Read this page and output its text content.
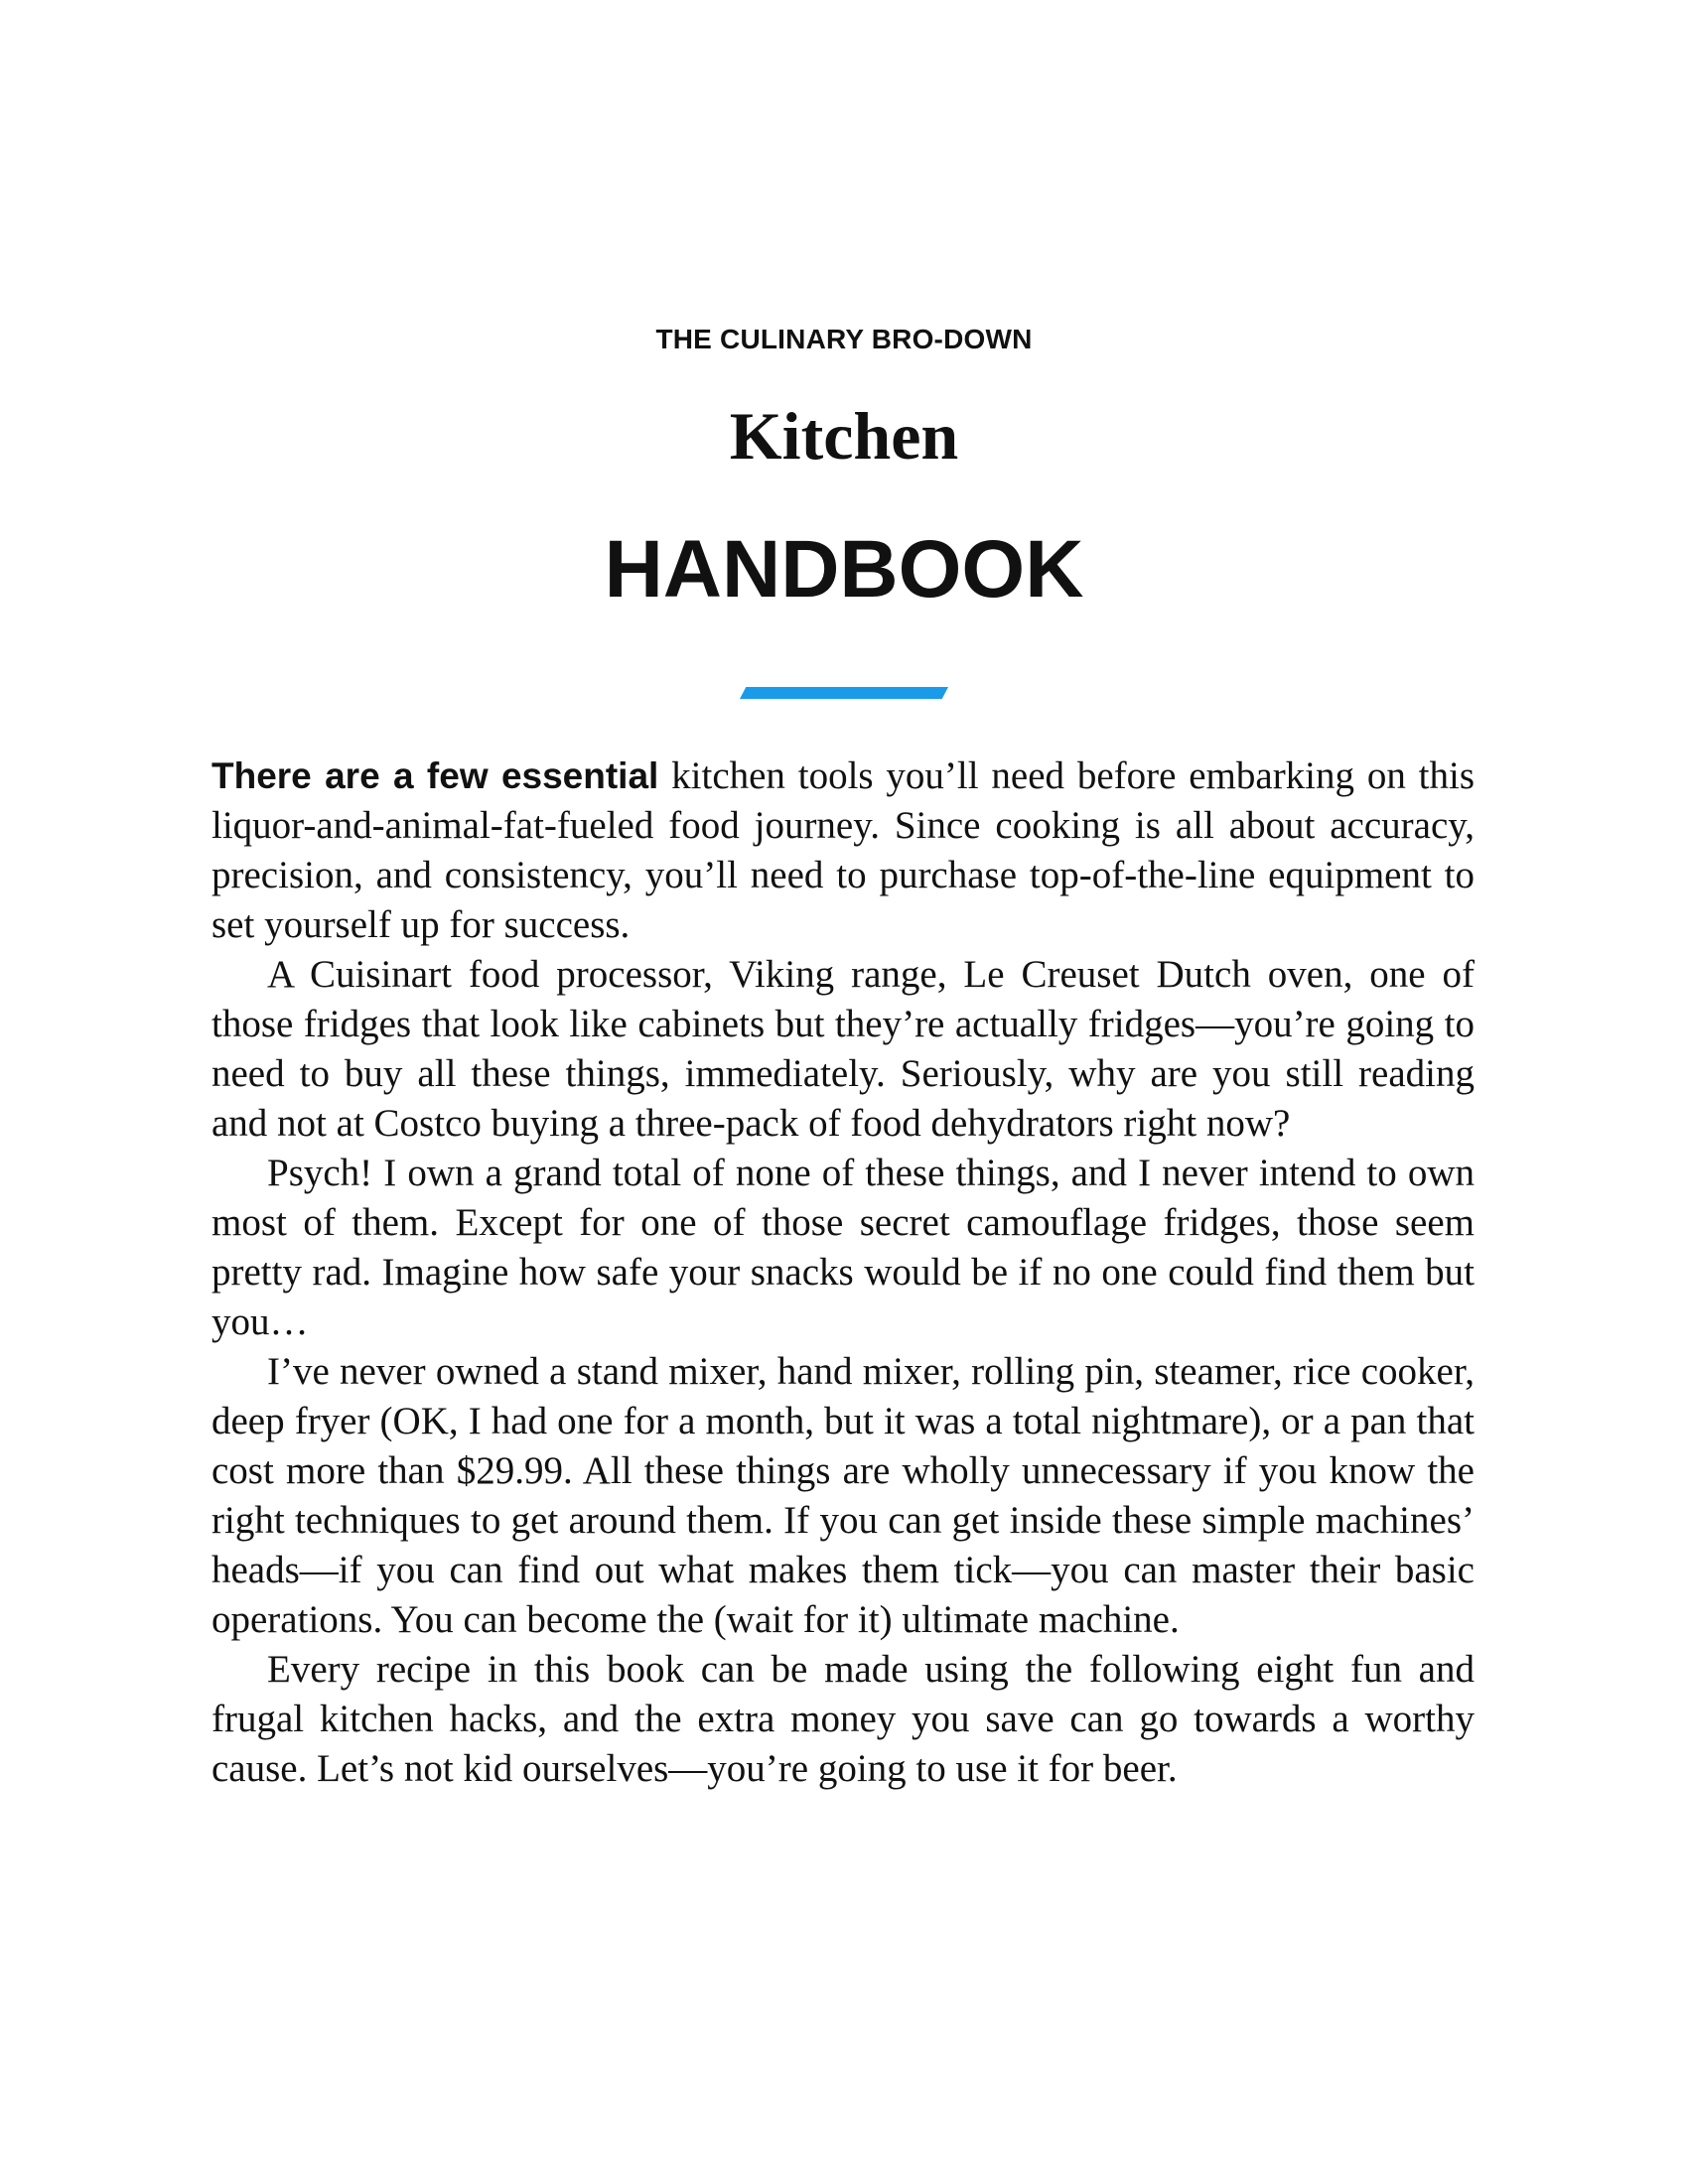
THE CULINARY BRO-DOWN
Kitchen
HANDBOOK

There are a few essential kitchen tools you’ll need before embarking on this liquor-and-animal-fat-fueled food journey. Since cooking is all about accuracy, precision, and consistency, you’ll need to purchase top-of-the-line equipment to set yourself up for success.

A Cuisinart food processor, Viking range, Le Creuset Dutch oven, one of those fridges that look like cabinets but they’re actually fridges—you’re going to need to buy all these things, immediately. Seriously, why are you still reading and not at Costco buying a three-pack of food dehydrators right now?

Psych! I own a grand total of none of these things, and I never intend to own most of them. Except for one of those secret camouflage fridges, those seem pretty rad. Imagine how safe your snacks would be if no one could find them but you…

I’ve never owned a stand mixer, hand mixer, rolling pin, steamer, rice cooker, deep fryer (OK, I had one for a month, but it was a total nightmare), or a pan that cost more than $29.99. All these things are wholly unnecessary if you know the right techniques to get around them. If you can get inside these simple machines’ heads—if you can find out what makes them tick—you can master their basic operations. You can become the (wait for it) ultimate machine.

Every recipe in this book can be made using the following eight fun and frugal kitchen hacks, and the extra money you save can go towards a worthy cause. Let’s not kid ourselves—you’re going to use it for beer.
